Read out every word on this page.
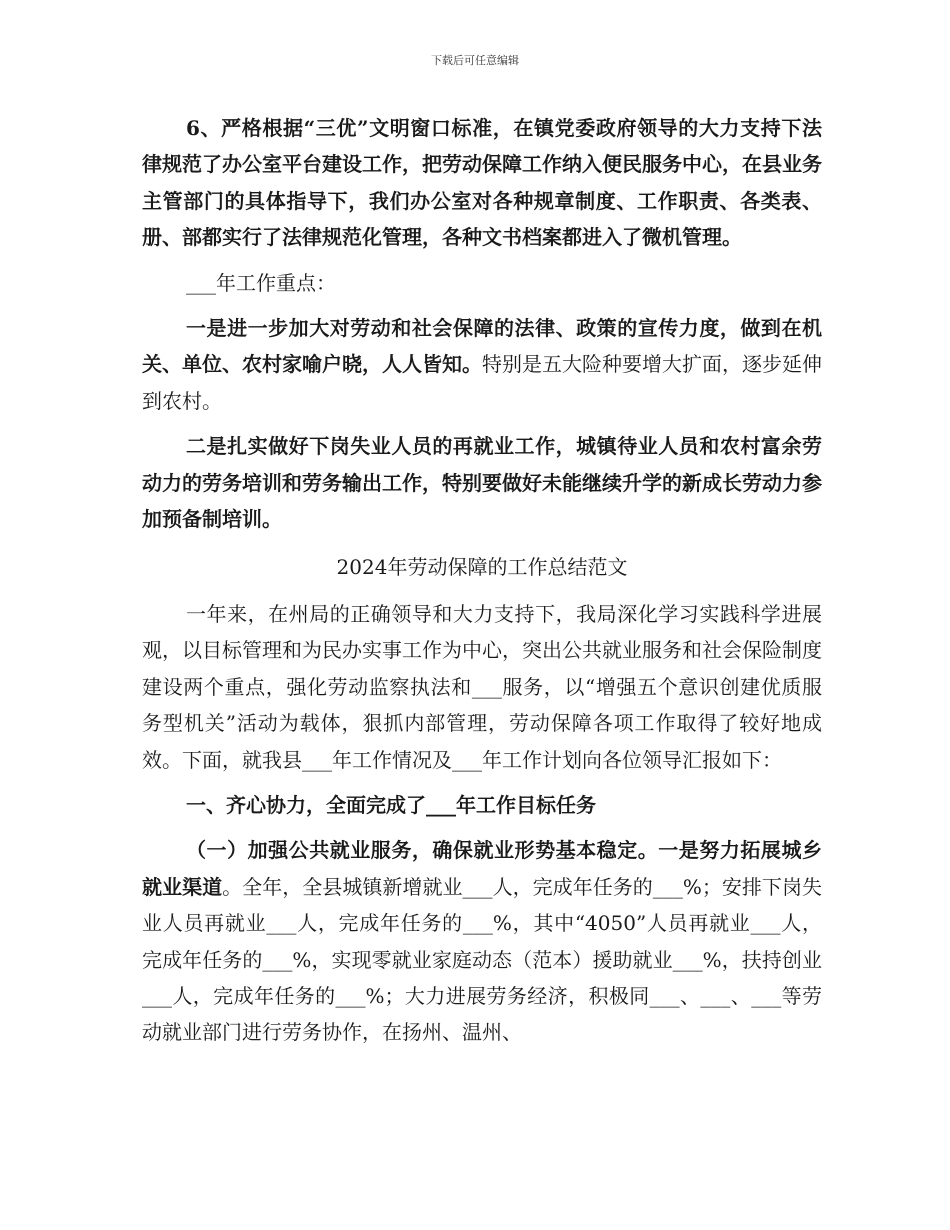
下载后可任意编辑

6、严格根据“三优”文明窗口标准，在镇党委政府领导的大力支持下法律规范了办公室平台建设工作，把劳动保障工作纳入便民服务中心，在县业务主管部门的具体指导下，我们办公室对各种规章制度、工作职责、各类表、册、部都实行了法律规范化管理，各种文书档案都进入了微机管理。

___年工作重点：

一是进一步加大对劳动和社会保障的法律、政策的宣传力度，做到在机关、单位、农村家喻户晓，人人皆知。特别是五大险种要增大扩面，逐步延伸到农村。

二是扎实做好下岗失业人员的再就业工作，城镇待业人员和农村富余劳动力的劳务培训和劳务输出工作，特别要做好未能继续升学的新成长劳动力参加预备制培训。

2024年劳动保障的工作总结范文

一年来，在州局的正确领导和大力支持下，我局深化学习实践科学进展观，以目标管理和为民办实事工作为中心，突出公共就业服务和社会保险制度建设两个重点，强化劳动监察执法和___服务，以“增强五个意识创建优质服务型机关”活动为载体，狠抓内部管理，劳动保障各项工作取得了较好地成效。下面，就我县___年工作情况及___年工作计划向各位领导汇报如下：

一、齐心协力，全面完成了___年工作目标任务

（一）加强公共就业服务，确保就业形势基本稳定。一是努力拓展城乡就业渠道。全年，全县城镇新增就业___人，完成年任务的___%；安排下岗失业人员再就业___人，完成年任务的___%，其中“4050”人员再就业___人，完成年任务的___%，实现零就业家庭动态（范本）援助就业___%，扶持创业___人，完成年任务的___%；大力进展劳务经济，积极同___、___、___等劳动就业部门进行劳务协作，在扬州、温州、
